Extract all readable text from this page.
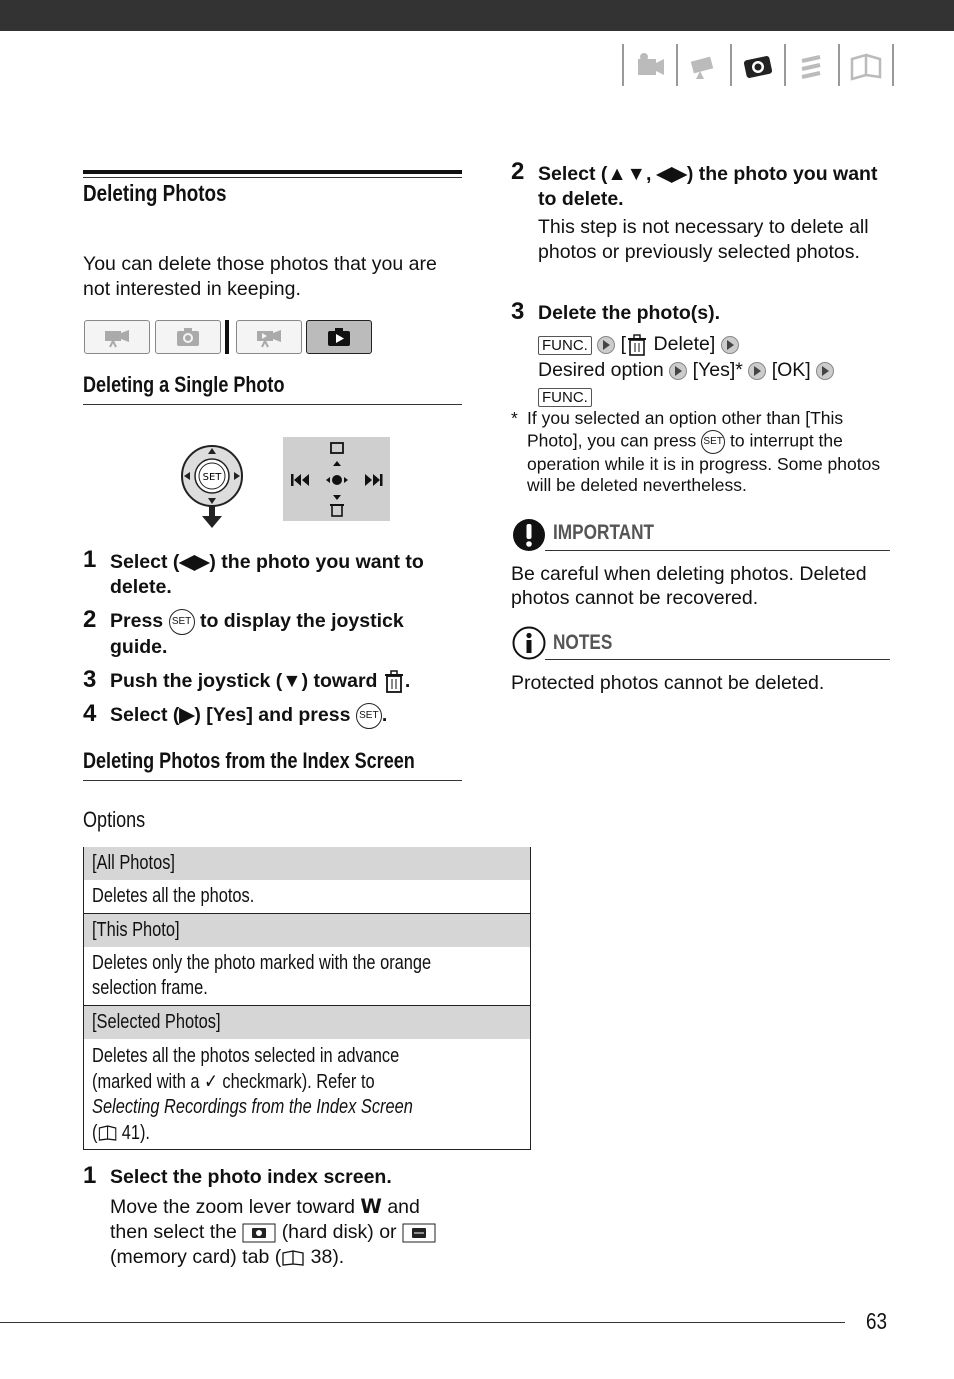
Deleting Photos
You can delete those photos that you are not interested in keeping.
Deleting a Single Photo
SET
1 Select (◀▶) the photo you want to delete.
2 Press SET to display the joystick guide.
3 Push the joystick (▼) toward .
4 Select (▶) [Yes] and press SET .
Deleting Photos from the Index Screen
Options
[All Photos]
Deletes all the photos.
[This Photo]

Deletes only the photo marked with the orange selection frame.

[Selected Photos]

Deletes all the photos selected in advance (marked with a ✓ checkmark). Refer to Selecting Recordings from the Index Screen
( 41).
1 Select the photo index screen.
Move the zoom lever toward W and then select the (hard disk) or  (memory card) tab ( 38).
2 Select (▲▼, ◀▶) the photo you want to delete.
This step is not necessary to delete all photos or previously selected photos.
3 Delete the photo(s).
FUNC. [ Delete]
Desired option [Yes]* [OK]
FUNC.
* If you selected an option other than [This Photo], you can press SET to interrupt the operation while it is in progress. Some photos will be deleted nevertheless.
IMPORTANT
Be careful when deleting photos. Deleted photos cannot be recovered.
NOTES
Protected photos cannot be deleted.
63
